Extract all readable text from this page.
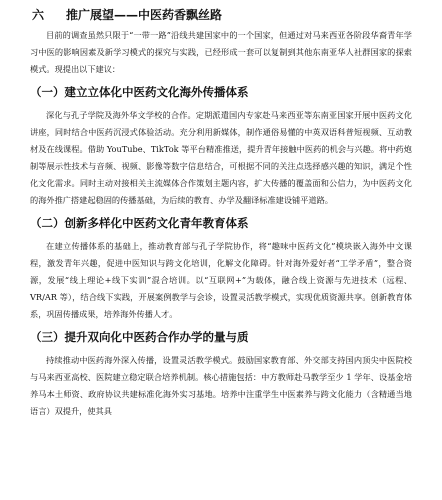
六 推广展望——中医药香飘丝路

目前的调查虽然只限于“一带一路”沿线共建国家中的一个国家，但通过对马来西亚各阶段华裔青年学习中医的影响因素及新学习模式的探究与实践，已经形成一套可以复制到其他东南亚华人社群国家的探索模式。现提出以下建议：

（一）建立立体化中医药文化海外传播体系

深化与孔子学院及海外华文学校的合作。定期派遣国内专家赴马来西亚等东南亚国家开展中医药文化讲座，同时结合中医药沉浸式体验活动。充分利用新媒体，制作通俗易懂的中英双语科普短视频、互动教材及在线课程。借助 YouTube、TikTok 等平台精准推送，提升青年接触中医药的机会与兴趣。将中药炮制等展示性技术与音频、视频、影像等数字信息结合，可根据不同的关注点选择感兴趣的知识，满足个性化文化需求。同时主动对接相关主流媒体合作策划主题内容，扩大传播的覆盖面和公信力，为中医药文化的海外推广搭建起稳固的传播基础，为后续的教育、办学及翻译标准建设铺平道路。

（二）创新多样化中医药文化青年教育体系

在建立传播体系的基础上，推动教育部与孔子学院协作，将“趣味中医药文化”模块嵌入海外中文课程，激发青年兴趣，促进中医知识与跨文化培训，化解文化障碍。针对海外爱好者“工学矛盾”，整合资源，发展“线上理论+线下实训”混合培训。以“互联网+”为载体，融合线上资源与先进技术（远程、VR/AR 等），结合线下实践，开展案例教学与会诊，设置灵活教学模式，实现优质资源共享。创新教育体系，巩固传播成果，培养海外传播人才。

（三）提升双向化中医药合作办学的量与质

持续推动中医药海外深入传播，设置灵活教学模式。鼓励国家教育部、外交部支持国内顶尖中医院校与马来西亚高校、医院建立稳定联合培养机制。核心措施包括：中方教师赴马教学至少 1 学年、设基金培养马本土师资、政府协议共建标准化海外实习基地。培养中注重学生中医素养与跨文化能力（含精通当地语言）双提升，使其具
